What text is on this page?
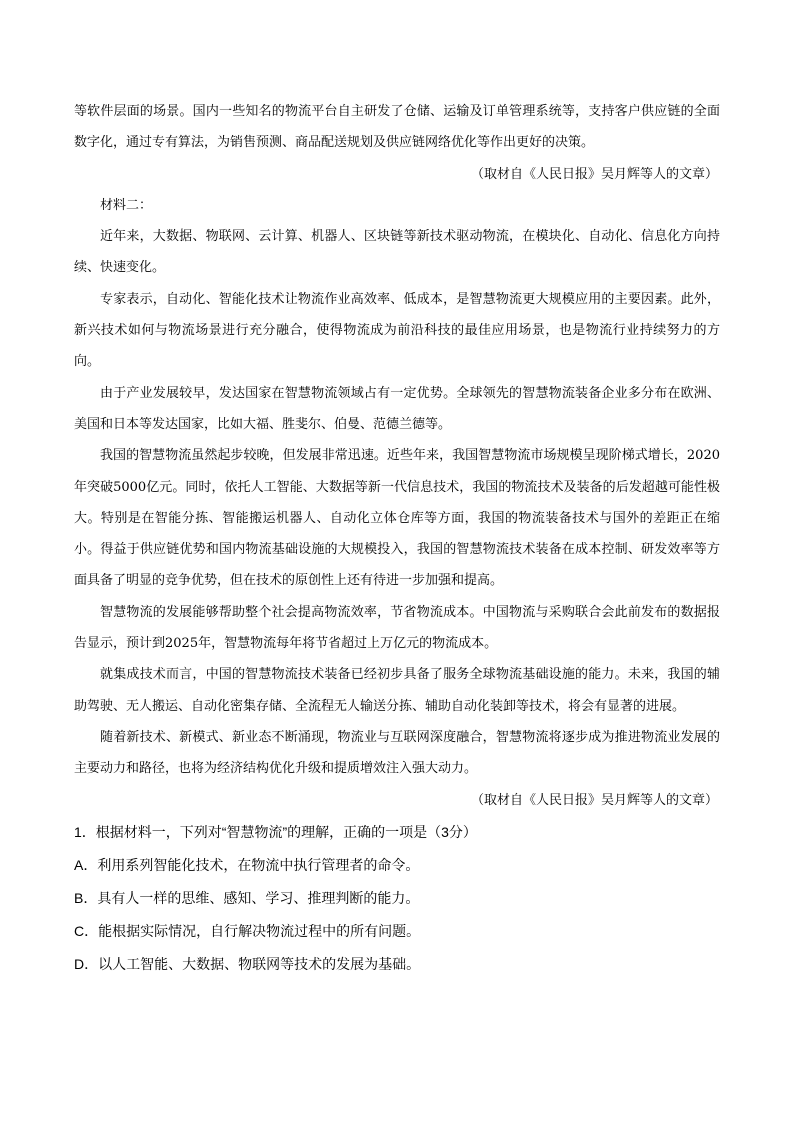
等软件层面的场景。国内一些知名的物流平台自主研发了仓储、运输及订单管理系统等，支持客户供应链的全面数字化，通过专有算法，为销售预测、商品配送规划及供应链网络优化等作出更好的决策。

（取材自《人民日报》吴月辉等人的文章）

材料二：

近年来，大数据、物联网、云计算、机器人、区块链等新技术驱动物流，在模块化、自动化、信息化方向持续、快速变化。

专家表示，自动化、智能化技术让物流作业高效率、低成本，是智慧物流更大规模应用的主要因素。此外，新兴技术如何与物流场景进行充分融合，使得物流成为前沿科技的最佳应用场景，也是物流行业持续努力的方向。

由于产业发展较早，发达国家在智慧物流领域占有一定优势。全球领先的智慧物流装备企业多分布在欧洲、美国和日本等发达国家，比如大福、胜斐尔、伯曼、范德兰德等。

我国的智慧物流虽然起步较晚，但发展非常迅速。近些年来，我国智慧物流市场规模呈现阶梯式增长，2020年突破5000亿元。同时，依托人工智能、大数据等新一代信息技术，我国的物流技术及装备的后发超越可能性极大。特别是在智能分拣、智能搬运机器人、自动化立体仓库等方面，我国的物流装备技术与国外的差距正在缩小。得益于供应链优势和国内物流基础设施的大规模投入，我国的智慧物流技术装备在成本控制、研发效率等方面具备了明显的竞争优势，但在技术的原创性上还有待进一步加强和提高。

智慧物流的发展能够帮助整个社会提高物流效率，节省物流成本。中国物流与采购联合会此前发布的数据报告显示，预计到2025年，智慧物流每年将节省超过上万亿元的物流成本。

就集成技术而言，中国的智慧物流技术装备已经初步具备了服务全球物流基础设施的能力。未来，我国的辅助驾驶、无人搬运、自动化密集存储、全流程无人输送分拣、辅助自动化装卸等技术，将会有显著的进展。

随着新技术、新模式、新业态不断涌现，物流业与互联网深度融合，智慧物流将逐步成为推进物流业发展的主要动力和路径，也将为经济结构优化升级和提质增效注入强大动力。

（取材自《人民日报》吴月辉等人的文章）

1．根据材料一，下列对“智慧物流”的理解，正确的一项是（3分）

A．利用系列智能化技术，在物流中执行管理者的命令。

B．具有人一样的思维、感知、学习、推理判断的能力。

C．能根据实际情况，自行解决物流过程中的所有问题。

D．以人工智能、大数据、物联网等技术的发展为基础。
